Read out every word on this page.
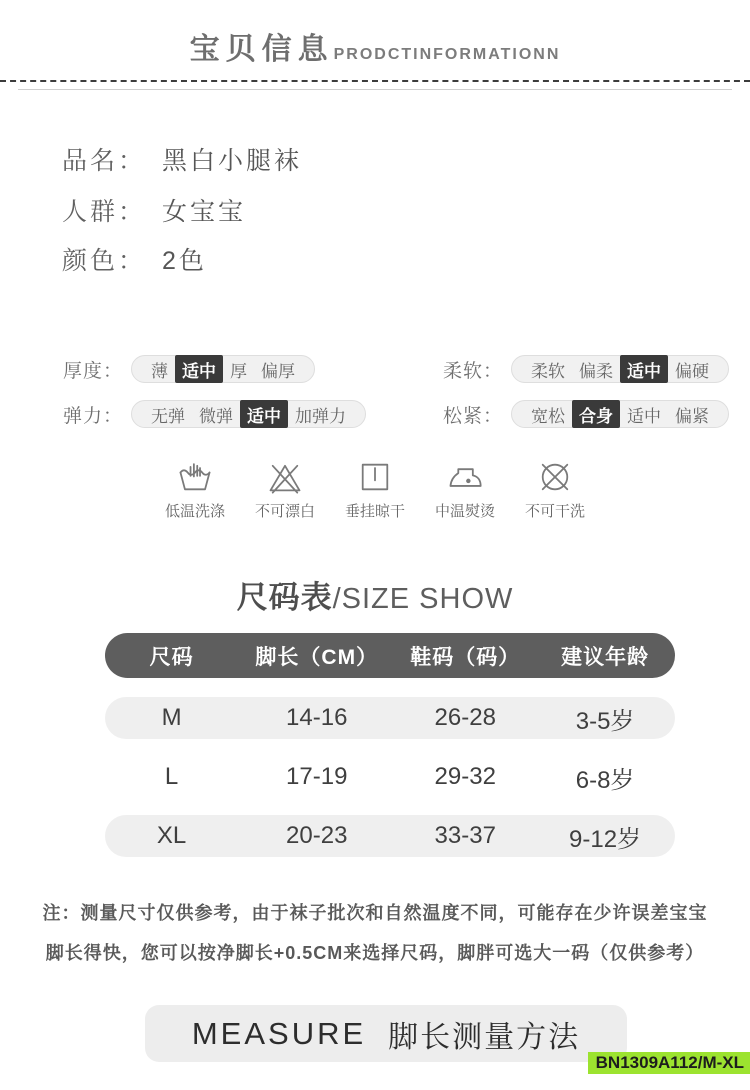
宝贝信息PRODCTINFORMATIONN
品名： 黑白小腿袜
人群： 女宝宝
颜色： 2色
厚度：	薄 适中 厚 偏厚	柔软：	柔软 偏柔 适中 偏硬
弹力：	无弹 微弹 适中 加弹力	松紧：	宽松 合身 适中 偏紧
低温洗涤 不可漂白 垂挂晾干 中温熨烫 不可干洗
尺码表/SIZE SHOW
尺码	脚长（CM）	鞋码（码）	建议年龄
M	14-16	26-28	3-5岁
L	17-19	29-32	6-8岁
XL	20-23	33-37	9-12岁
注：测量尺寸仅供参考，由于袜子批次和自然温度不同，可能存在少许误差宝宝
脚长得快，您可以按净脚长+0.5CM来选择尺码，脚胖可选大一码（仅供参考）
MEASURE 脚长测量方法
BN1309A112/M-XL
